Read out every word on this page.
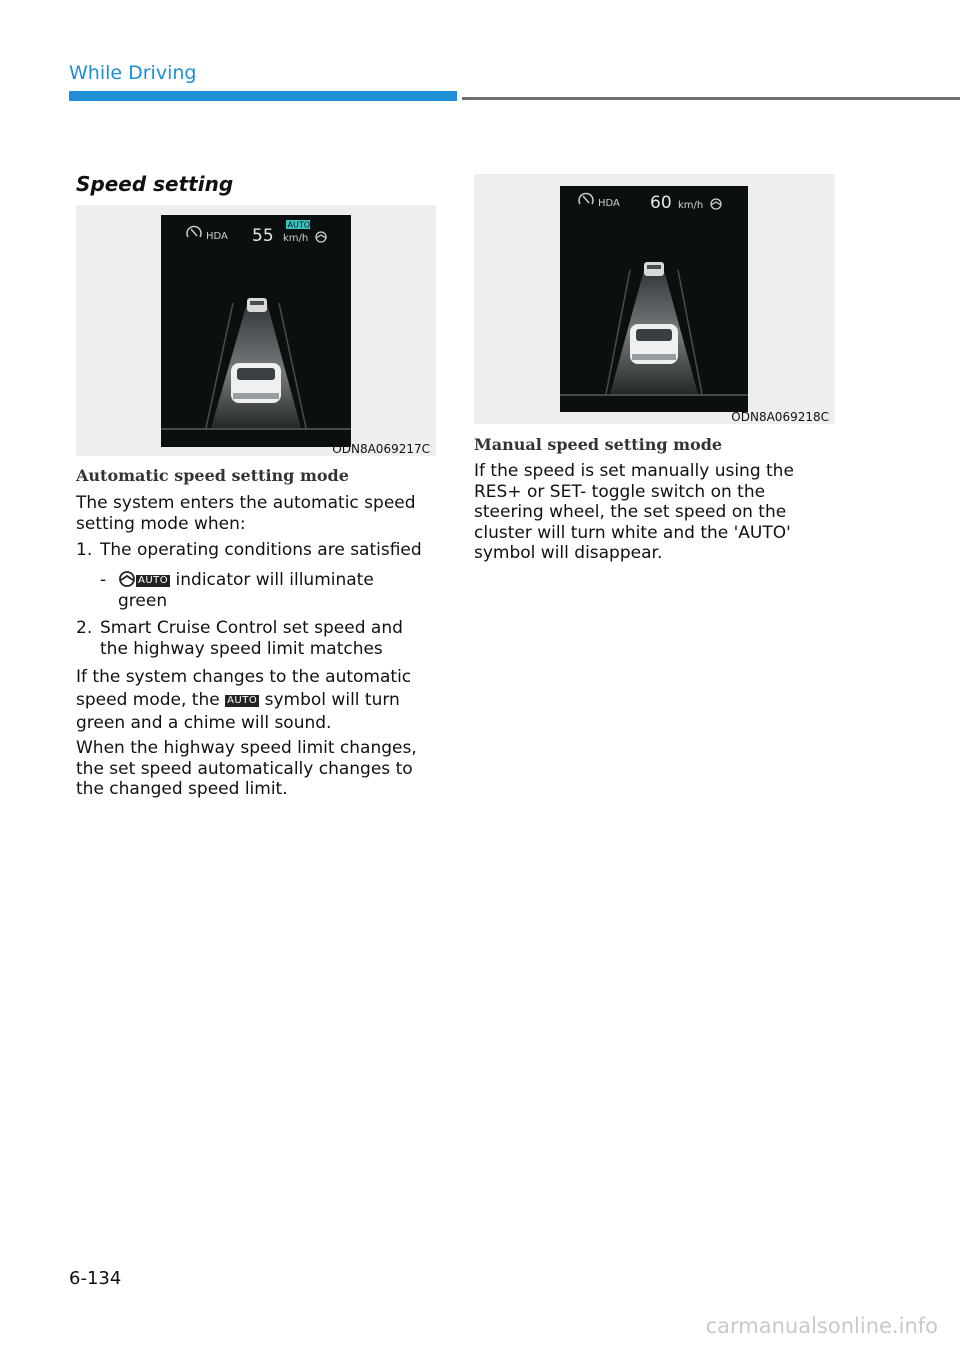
While Driving
Speed setting
HDA 55
AUTO
km/h
ODN8A069217C
HDA 60 km/h
ODN8A069218C
Automatic speed setting mode
The system enters the automatic speed setting mode when:
1. The operating conditions are satisfied
-	AUTO indicator will illuminate green
2. Smart Cruise Control set speed and the highway speed limit matches
If the system changes to the automatic speed mode, the AUTO symbol will turn green and a chime will sound.
When the highway speed limit changes, the set speed automatically changes to the changed speed limit.
Manual speed setting mode
If the speed is set manually using the RES+ or SET- toggle switch on the steering wheel, the set speed on the cluster will turn white and the 'AUTO' symbol will disappear.
6-134
carmanualsonline.info
